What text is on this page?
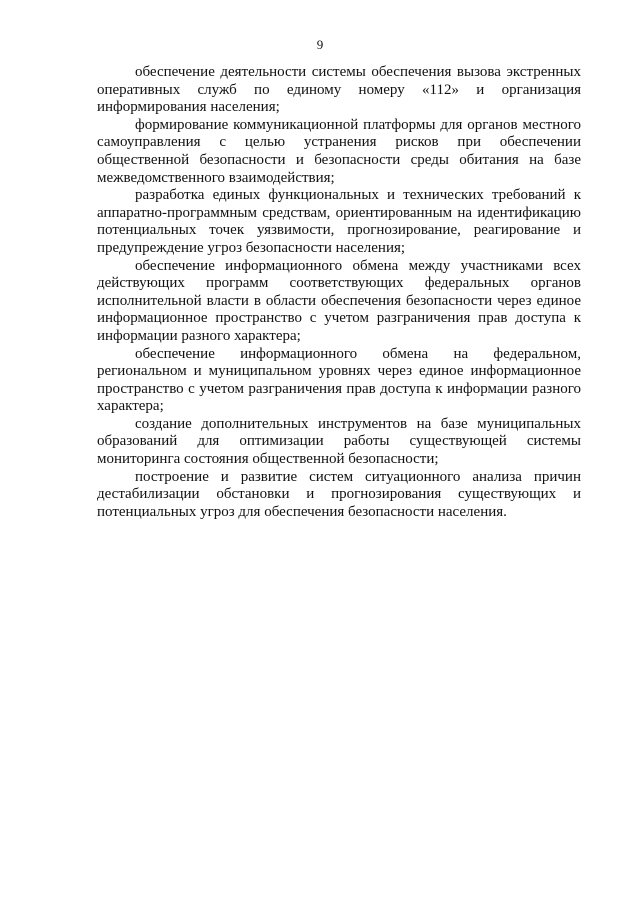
9

обеспечение деятельности системы обеспечения вызова экстренных оперативных служб по единому номеру «112» и организация информирования населения;

формирование коммуникационной платформы для органов местного самоуправления с целью устранения рисков при обеспечении общественной безопасности и безопасности среды обитания на базе межведомственного взаимодействия;

разработка единых функциональных и технических требований к аппаратно-программным средствам, ориентированным на идентификацию потенциальных точек уязвимости, прогнозирование, реагирование и предупреждение угроз безопасности населения;

обеспечение информационного обмена между участниками всех действующих программ соответствующих федеральных органов исполнительной власти в области обеспечения безопасности через единое информационное пространство с учетом разграничения прав доступа к информации разного характера;

обеспечение информационного обмена на федеральном, региональном и муниципальном уровнях через единое информационное пространство с учетом разграничения прав доступа к информации разного характера;

создание дополнительных инструментов на базе муниципальных образований для оптимизации работы существующей системы мониторинга состояния общественной безопасности;

построение и развитие систем ситуационного анализа причин дестабилизации обстановки и прогнозирования существующих и потенциальных угроз для обеспечения безопасности населения.
